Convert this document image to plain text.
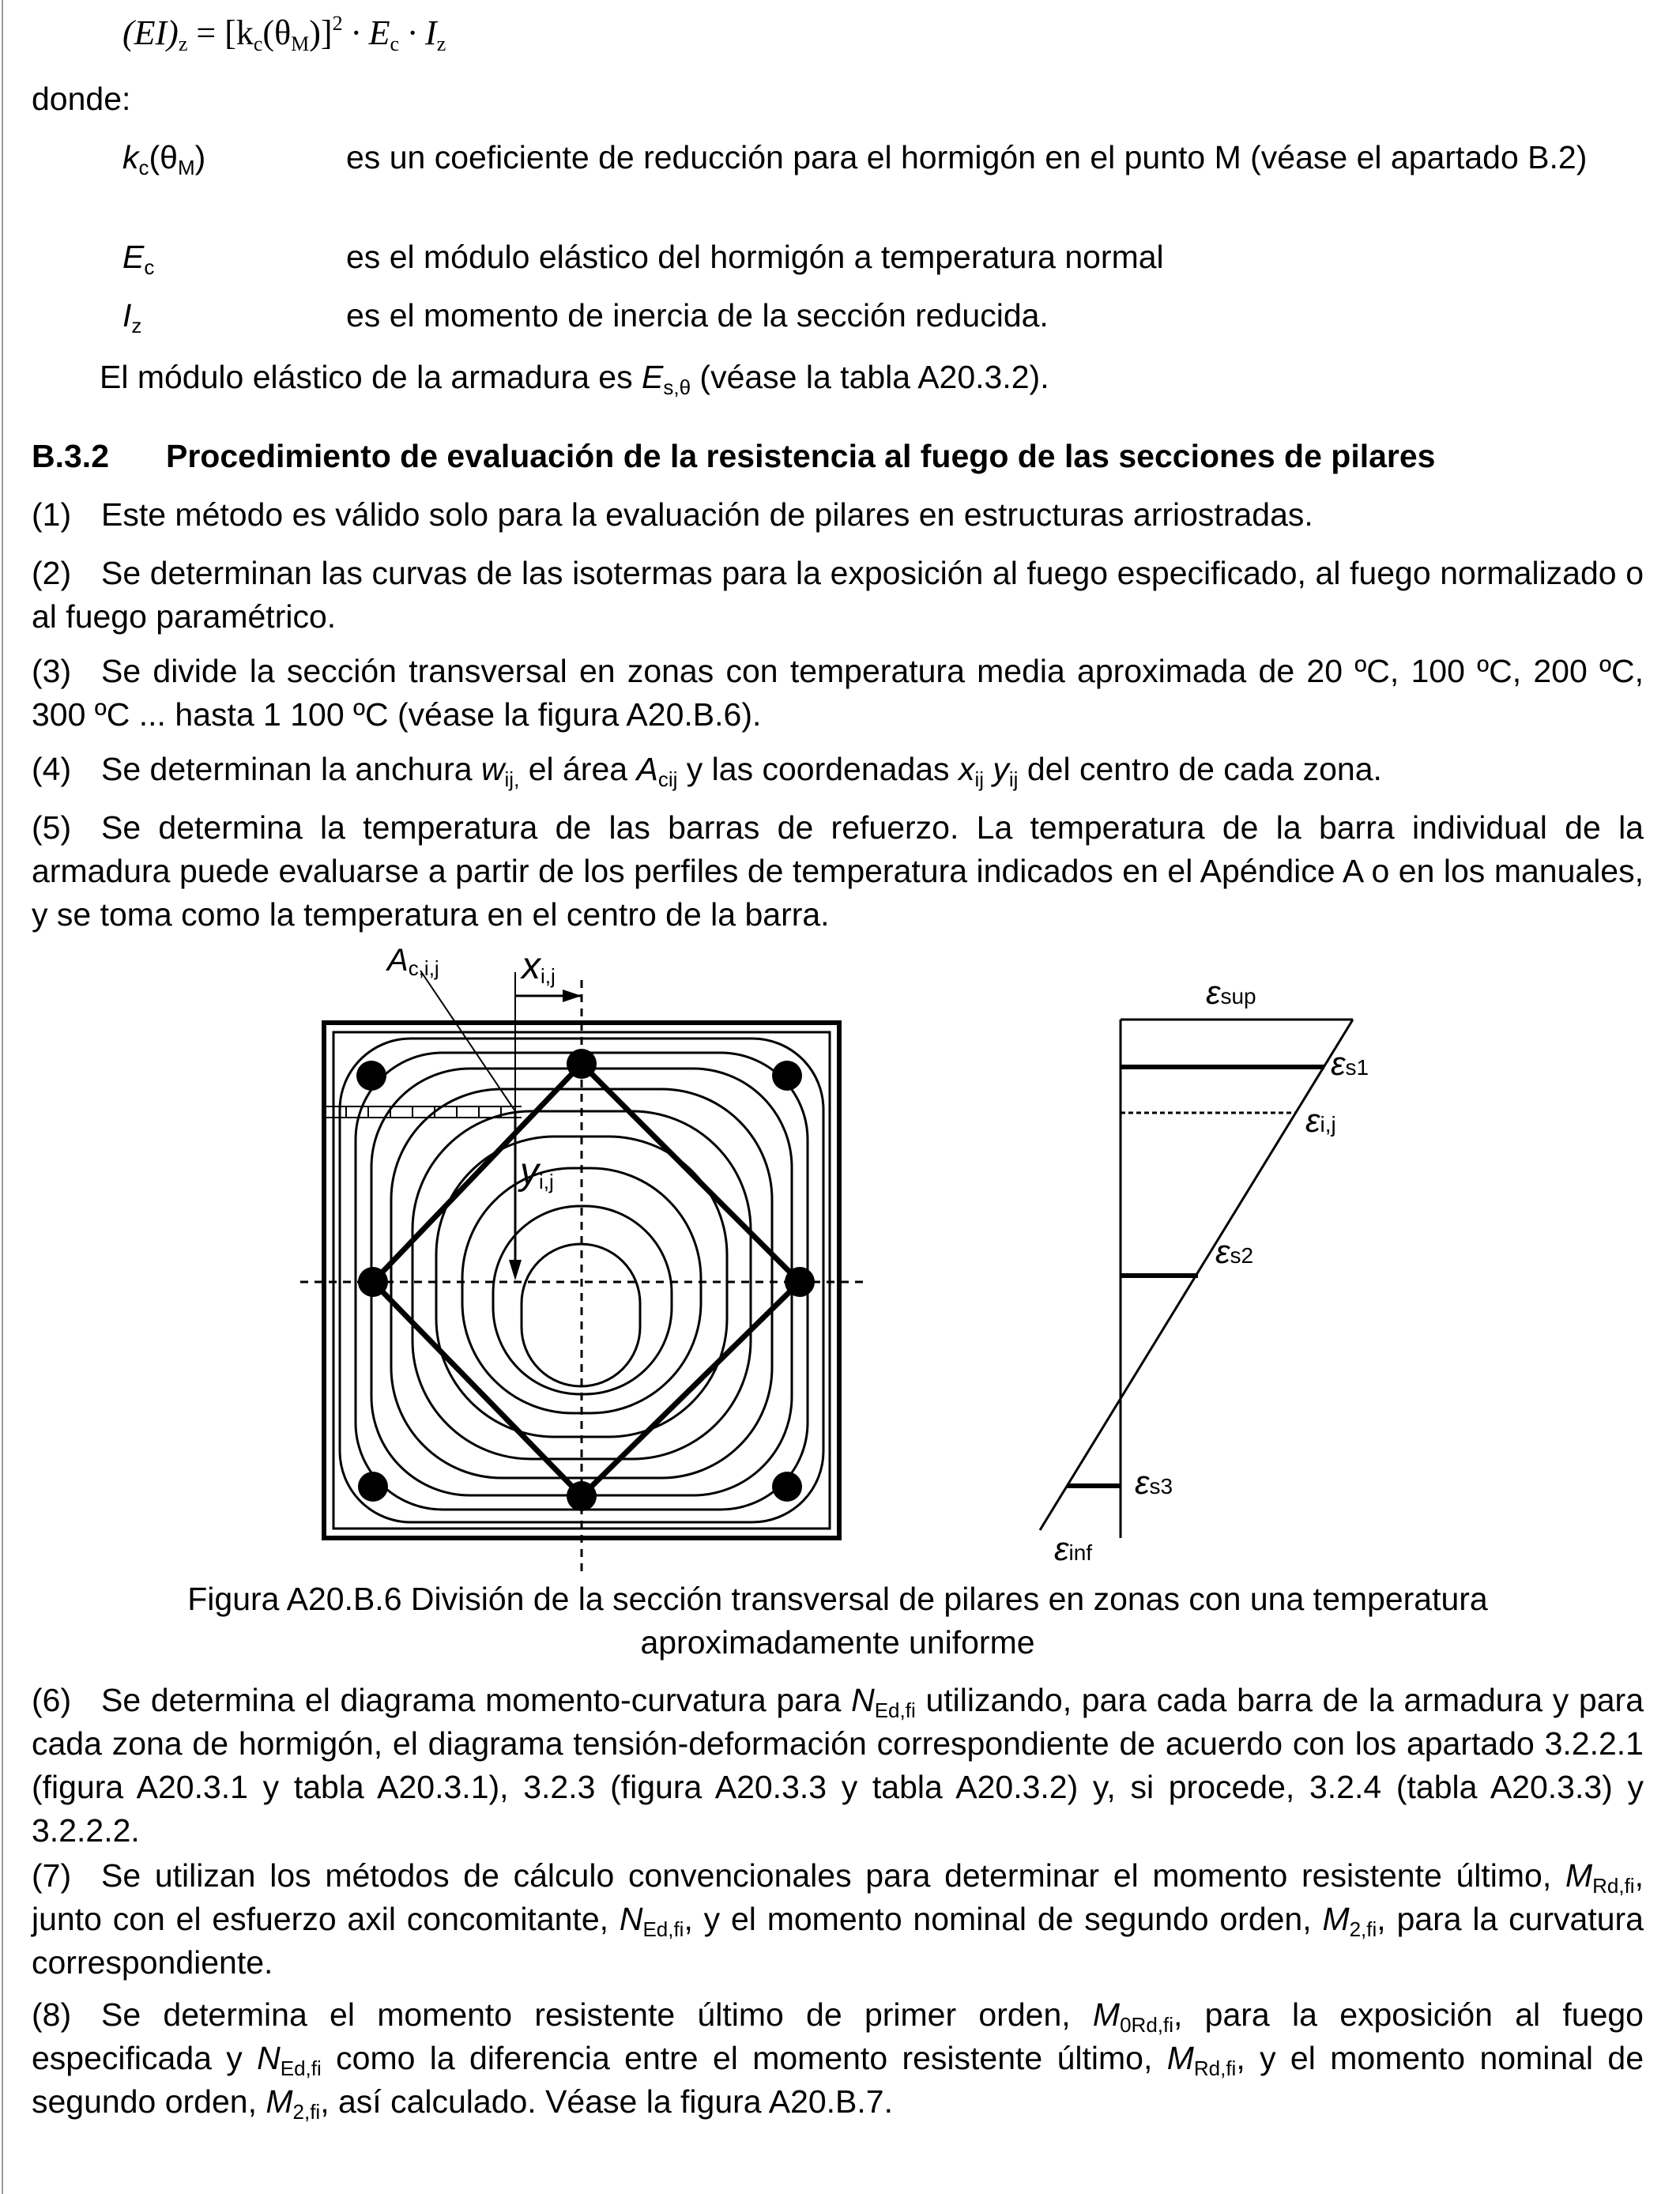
$(EI)_z = [k_c(\theta_M)]^2 \cdot E_c \cdot I_z$
donde:
$k_c(\theta_M)$	es un coeficiente de reducción para el hormigón en el punto M (véase el apartado B.2)
$E_c$	es el módulo elástico del hormigón a temperatura normal
$I_z$	es el momento de inercia de la sección reducida.
El módulo elástico de la armadura es $E_{s,\theta}$ (véase la tabla A20.3.2).
B.3.2 Procedimiento de evaluación de la resistencia al fuego de las secciones de pilares
(1) Este método es válido solo para la evaluación de pilares en estructuras arriostradas.
(2) Se determinan las curvas de las isotermas para la exposición al fuego especificado, al fuego normalizado o al fuego paramétrico.
(3) Se divide la sección transversal en zonas con temperatura media aproximada de 20 ºC, 100 ºC, 200 ºC, 300 ºC ... hasta 1 100 ºC (véase la figura A20.B.6).
(4) Se determinan la anchura $w_{ij,}$ el área $A_{cij}$ y las coordenadas $x_{ij}$ $y_{ij}$ del centro de cada zona.
(5) Se determina la temperatura de las barras de refuerzo. La temperatura de la barra individual de la armadura puede evaluarse a partir de los perfiles de temperatura indicados en el Apéndice A o en los manuales, y se toma como la temperatura en el centro de la barra.
Ac,i,j xi,j
yi,j
εsup
εs1
εi,j
εs2
εs3
εinf
Figura A20.B.6 División de la sección transversal de pilares en zonas con una temperatura aproximadamente uniforme
(6) Se determina el diagrama momento-curvatura para $N_{Ed,fi}$ utilizando, para cada barra de la armadura y para cada zona de hormigón, el diagrama tensión-deformación correspondiente de acuerdo con los apartado 3.2.2.1 (figura A20.3.1 y tabla A20.3.1), 3.2.3 (figura A20.3.3 y tabla A20.3.2) y, si procede, 3.2.4 (tabla A20.3.3) y 3.2.2.2.
(7) Se utilizan los métodos de cálculo convencionales para determinar el momento resistente último, $M_{Rd,fi}$, junto con el esfuerzo axil concomitante, $N_{Ed,fi}$, y el momento nominal de segundo orden, $M_{2,fi}$, para la curvatura correspondiente.
(8) Se determina el momento resistente último de primer orden, $M_{0Rd,fi}$, para la exposición al fuego especificada y $N_{Ed,fi}$ como la diferencia entre el momento resistente último, $M_{Rd,fi}$, y el momento nominal de segundo orden, $M_{2,fi}$, así calculado. Véase la figura A20.B.7.
